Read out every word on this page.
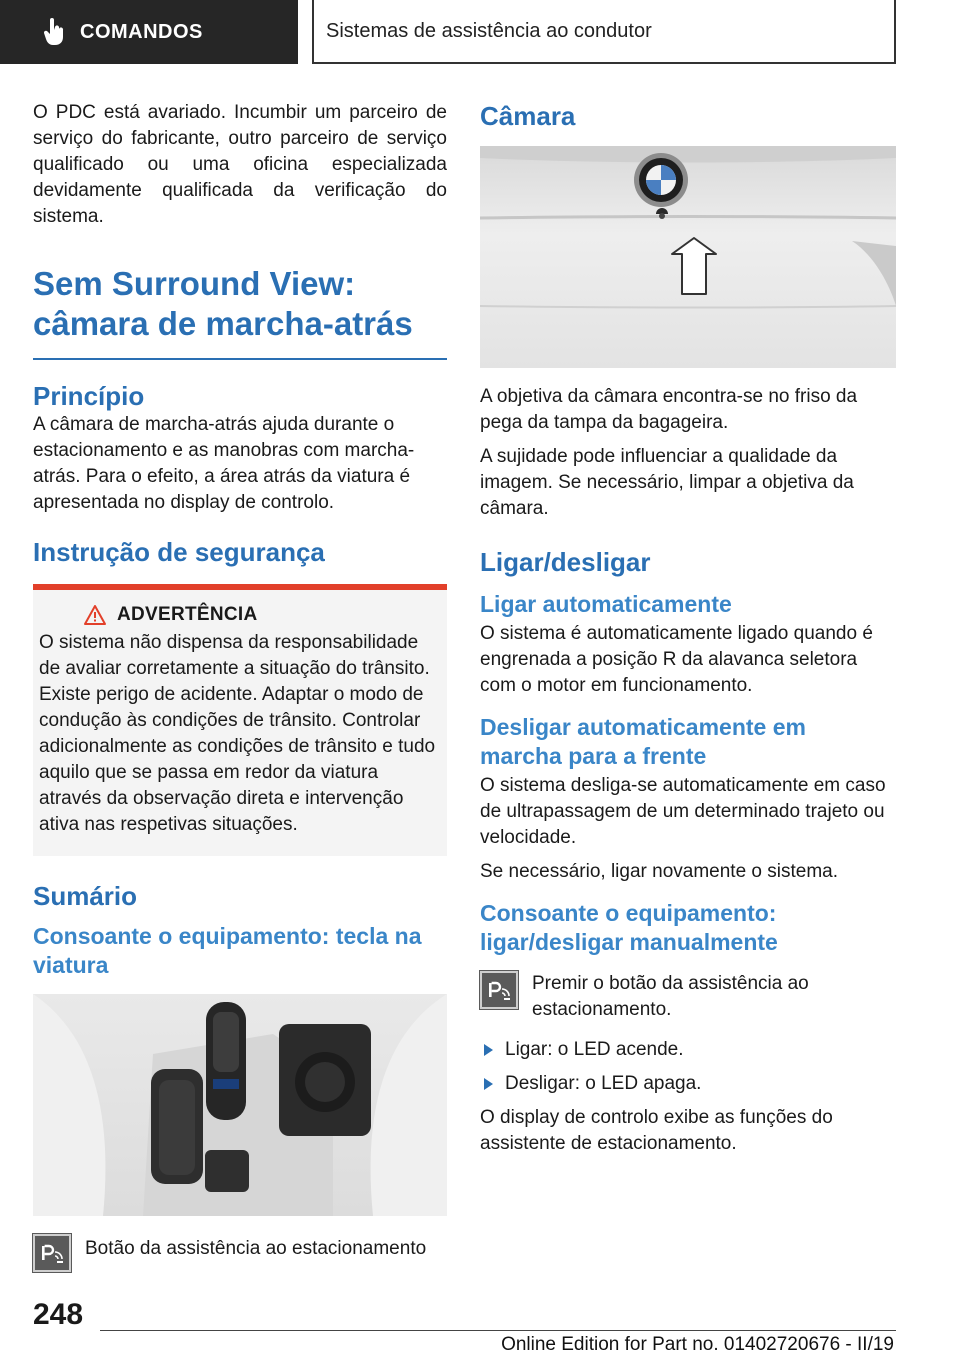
COMANDOS	Sistemas de assistência ao condutor

O PDC está avariado. Incumbir um parceiro de serviço do fabricante, outro parceiro de serviço qualificado ou uma oficina especializada devidamente qualificada da verificação do sistema.

Sem Surround View:
câmara de marcha-atrás
Princípio

A câmara de marcha-atrás ajuda durante o estacionamento e as manobras com marcha-atrás. Para o efeito, a área atrás da viatura é apresentada no display de controlo.

Instrução de segurança
ADVERTÊNCIA

O sistema não dispensa da responsabilidade de avaliar corretamente a situação do trânsito. Existe perigo de acidente. Adaptar o modo de condução às condições de trânsito. Controlar adicionalmente as condições de trânsito e tudo aquilo que se passa em redor da viatura através da observação direta e intervenção ativa nas respetivas situações.

Sumário
Consoante o equipamento: tecla na viatura

Botão da assistência ao estacionamento

Câmara

A objetiva da câmara encontra-se no friso da pega da tampa da bagageira.

A sujidade pode influenciar a qualidade da imagem. Se necessário, limpar a objetiva da câmara.

Ligar/desligar
Ligar automaticamente

O sistema é automaticamente ligado quando é engrenada a posição R da alavanca seletora com o motor em funcionamento.

Desligar automaticamente em marcha para a frente

O sistema desliga-se automaticamente em caso de ultrapassagem de um determinado trajeto ou velocidade.

Se necessário, ligar novamente o sistema.

Consoante o equipamento: ligar/desligar manualmente

Premir o botão da assistência ao estacionamento.

Ligar: o LED acende.
Desligar: o LED apaga.

O display de controlo exibe as funções do assistente de estacionamento.

248
Online Edition for Part no. 01402720676 - II/19
